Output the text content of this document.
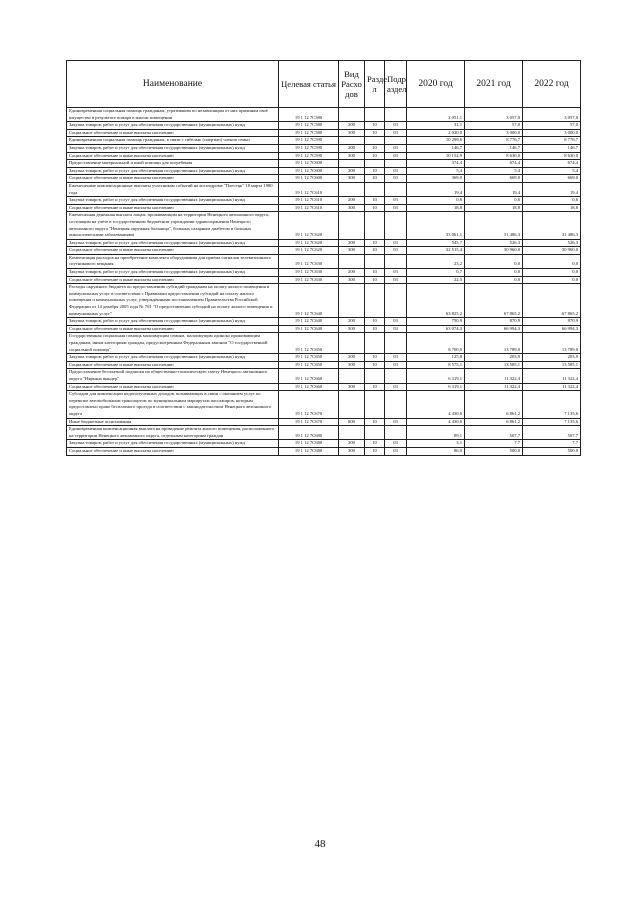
Наименование	Целевая статья	Вид Расхо дов	Разде л	Подр аздел	2020 год	2021 год	2022 год
Единовременная социальная помощь гражданам, утратившим по независящим от них причинам своё имущество в результате пожара в жилом помещении	19 1 12 7С580				2 051,1	3 057,0	3 057,0
Закупка товаров, работ и услуг для обеспечения государственных (муниципальных) нужд	19 1 12 7С580	200	10	03	31,1	57,0	57,0
Социальное обеспечение и иные выплаты населению	19 1 12 7С580	300	10	03	2 020,0	3 000,0	3 000,0
Единовременная социальная помощь гражданам, в связи с гибелью (смертью) членов семьи	19 1 12 7С590				10 299,6	8 776,7	8 776,7
Закупка товаров, работ и услуг для обеспечения государственных (муниципальных) нужд	19 1 12 7С590	200	10	03	146,7	146,7	146,7
Социальное обеспечение и иные выплаты населению	19 1 12 7С590	300	10	03	10 152,9	8 630,0	8 630,0
Предоставление материальной и иной помощи для погребения	19 1 12 7С600				374,4	674,4	674,4
Закупка товаров, работ и услуг для обеспечения государственных (муниципальных) нужд	19 1 12 7С600	200	10	03	5,4	5,4	5,4
Социальное обеспечение и иные выплаты населению	19 1 12 7С600	300	10	03	369,0	669,0	669,0
Ежемесячные компенсационные выплаты участникам событий на космодроме "Плесецк" 18 марта 1980 года	19 1 12 7С610				19,4	19,4	19,4
Закупка товаров, работ и услуг для обеспечения государственных (муниципальных) нужд	19 1 12 7С610	200	10	03	0,6	0,6	0,6
Социальное обеспечение и иные выплаты населению	19 1 12 7С610	300	10	03	18,8	18,8	18,8
Ежемесячная денежная выплата лицам, проживающим на территории Ненецкого автономного округа, состоящим на учёте в государственном бюджетном учреждении здравоохранения Ненецкого автономного округа "Ненецкая окружная больница", больных сахарным диабетом и больных онкологическими заболеваниями	19 1 12 7С620				33 061,1	31 486,3	31 486,3
Закупка товаров, работ и услуг для обеспечения государственных (муниципальных) нужд	19 1 12 7С620	200	10	03	545,7	526,3	526,3
Социальное обеспечение и иные выплаты населению	19 1 12 7С620	300	10	03	32 515,4	30 960,0	30 960,0
Компенсация расходов на приобретение комплекта оборудования для приёма сигналов телевизионного спутникового вещания	19 1 12 7С630				23,2	0,0	0,0
Закупка товаров, работ и услуг для обеспечения государственных (муниципальных) нужд	19 1 12 7С630	200	10	03	0,7	0,0	0,0
Социальное обеспечение и иные выплаты населению	19 1 12 7С630	300	10	03	22,5	0,0	0,0
Расходы окружного бюджета по предоставлению субсидий гражданам на оплату жилого помещения и коммунальных услуг в соответствии с Правилами предоставления субсидий на оплату жилого помещения и коммунальных услуг, утверждёнными постановлением Правительства Российской Федерации от 14 декабря 2005 года № 761 "О предоставлении субсидий на оплату жилого помещения и коммунальных услуг"	19 1 12 7С640				63 825,2	67 865,2	67 865,2
Закупка товаров, работ и услуг для обеспечения государственных (муниципальных) нужд	19 1 12 7С640	200	10	03	750,9	870,9	870,9
Социальное обеспечение и иные выплаты населению	19 1 12 7С640	300	10	03	63 074,3	66 994,3	66 994,3
Государственная социальная помощь малоимущим семьям, малоимущим одиноко проживающим гражданам, иным категориям граждан, предусмотренным Федеральным законом "О государственной социальной помощи"	19 1 12 7С650				8 700,9	13 789,0	13 789,0
Закупка товаров, работ и услуг для обеспечения государственных (муниципальных) нужд	19 1 12 7С650	200	10	03	125,8	203,9	203,9
Социальное обеспечение и иные выплаты населению	19 1 12 7С650	300	10	03	8 575,1	13 585,1	13 585,1
Предоставление бесплатной подписки на общественно-политическую газету Ненецкого автономного округа "Няръяна вындер"	19 1 12 7С660				6 319,1	11 322,4	11 322,4
Социальное обеспечение и иные выплаты населению	19 1 12 7С660	300	10	03	6 319,1	11 322,4	11 322,4
Субсидии для компенсации недополученных доходов, возникающих в связи с оказанием услуг по перевозке автомобильным транспортом по муниципальным маршрутам пассажиров, которым предоставлено право бесплатного проезда в соответствии с законодательством Ненецкого автономного округа	19 1 12 7С670				4 430,0	6 861,2	7 135,6
Иные бюджетные ассигнования	19 1 12 7С670	800	10	03	4 430,0	6 861,2	7 135,6
Единовременная компенсационная выплата на проведение ремонта жилого помещения, расположенного на территории Ненецкого автономного округа, отдельным категориям граждан	19 1 12 7С680				89,1	507,7	507,7
Закупка товаров, работ и услуг для обеспечения государственных (муниципальных) нужд	19 1 12 7С680	200	10	03	3,1	7,7	7,7
Социальное обеспечение и иные выплаты населению	19 1 12 7С680	300	10	03	86,0	500,0	500,0
48
